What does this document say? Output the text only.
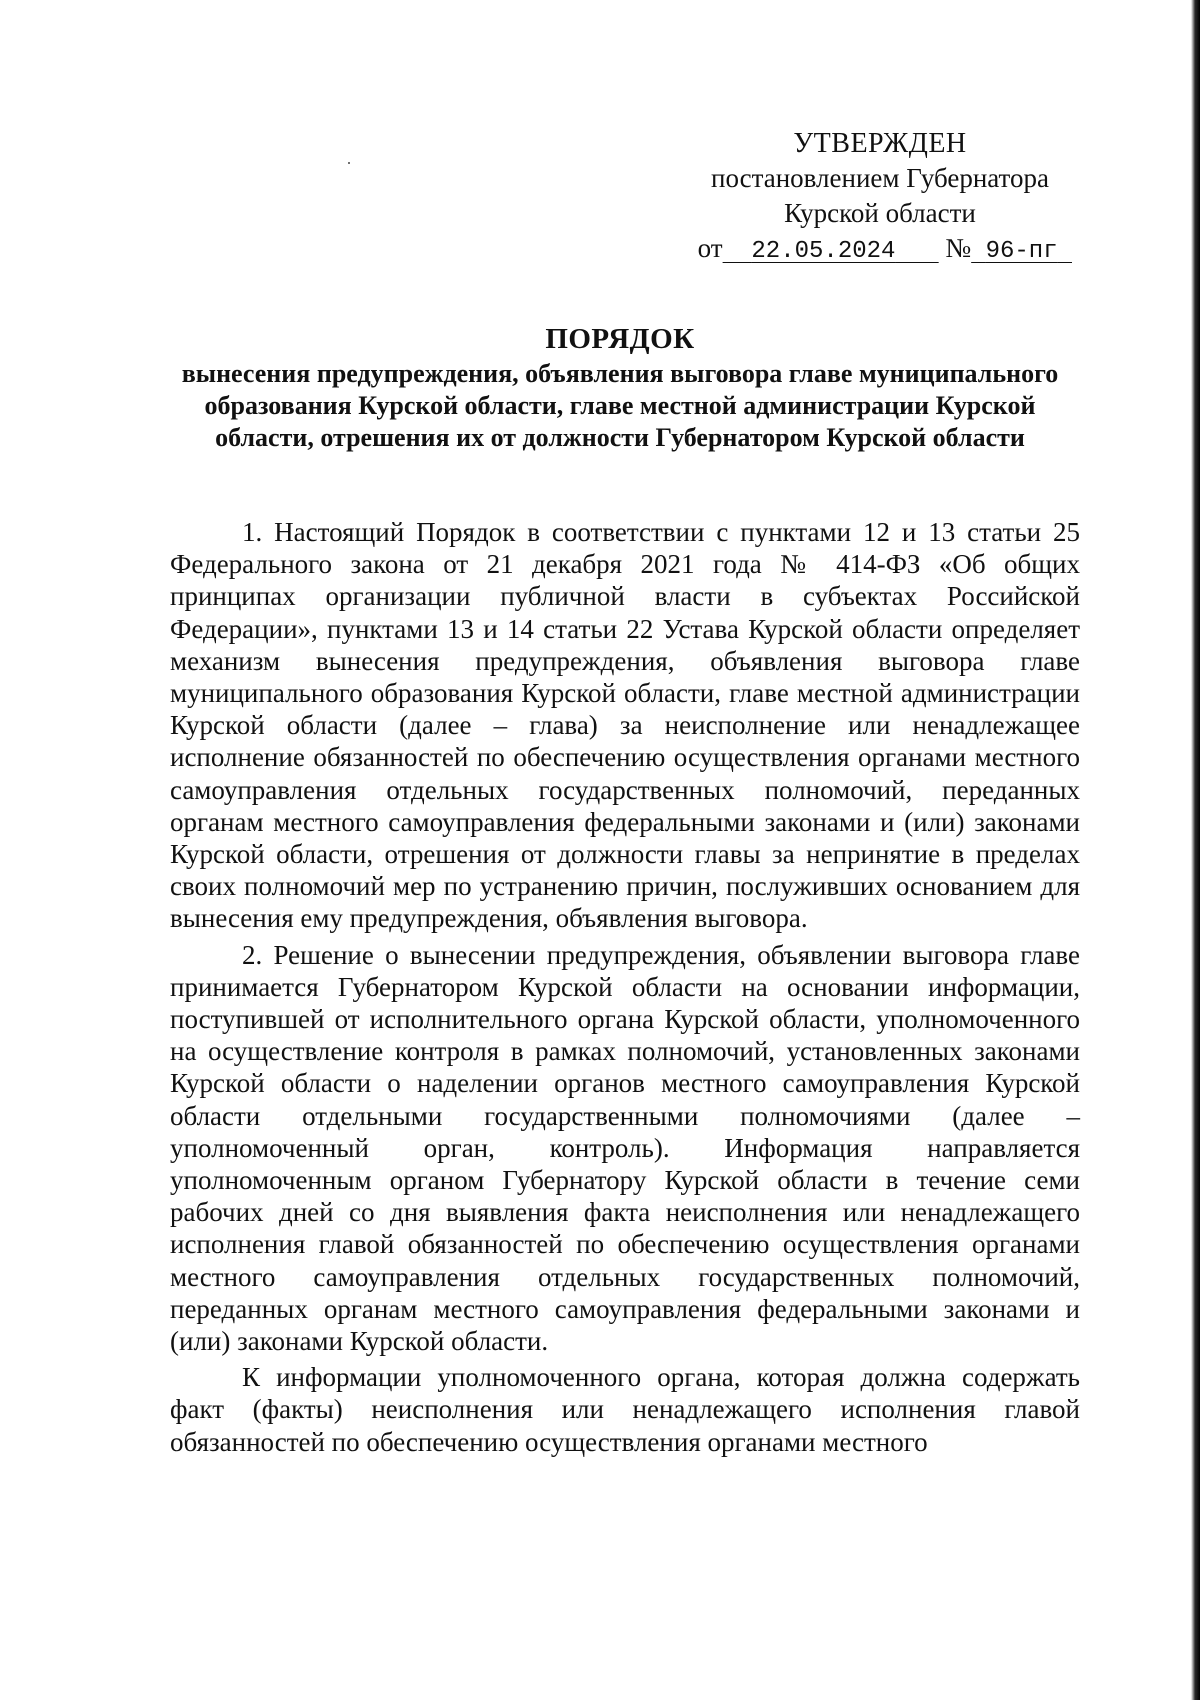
УТВЕРЖДЕН
постановлением Губернатора
Курской области
от 22.05.2024 № 96-пг
ПОРЯДОК
вынесения предупреждения, объявления выговора главе муниципального образования Курской области, главе местной администрации Курской области, отрешения их от должности Губернатором Курской области

1. Настоящий Порядок в соответствии с пунктами 12 и 13 статьи 25 Федерального закона от 21 декабря 2021 года № 414-ФЗ «Об общих принципах организации публичной власти в субъектах Российской Федерации», пунктами 13 и 14 статьи 22 Устава Курской области определяет механизм вынесения предупреждения, объявления выговора главе муниципального образования Курской области, главе местной администрации Курской области (далее – глава) за неисполнение или ненадлежащее исполнение обязанностей по обеспечению осуществления органами местного самоуправления отдельных государственных полномочий, переданных органам местного самоуправления федеральными законами и (или) законами Курской области, отрешения от должности главы за непринятие в пределах своих полномочий мер по устранению причин, послуживших основанием для вынесения ему предупреждения, объявления выговора.

2. Решение о вынесении предупреждения, объявлении выговора главе принимается Губернатором Курской области на основании информации, поступившей от исполнительного органа Курской области, уполномоченного на осуществление контроля в рамках полномочий, установленных законами Курской области о наделении органов местного самоуправления Курской области отдельными государственными полномочиями (далее – уполномоченный орган, контроль). Информация направляется уполномоченным органом Губернатору Курской области в течение семи рабочих дней со дня выявления факта неисполнения или ненадлежащего исполнения главой обязанностей по обеспечению осуществления органами местного самоуправления отдельных государственных полномочий, переданных органам местного самоуправления федеральными законами и (или) законами Курской области.

К информации уполномоченного органа, которая должна содержать факт (факты) неисполнения или ненадлежащего исполнения главой обязанностей по обеспечению осуществления органами местного
